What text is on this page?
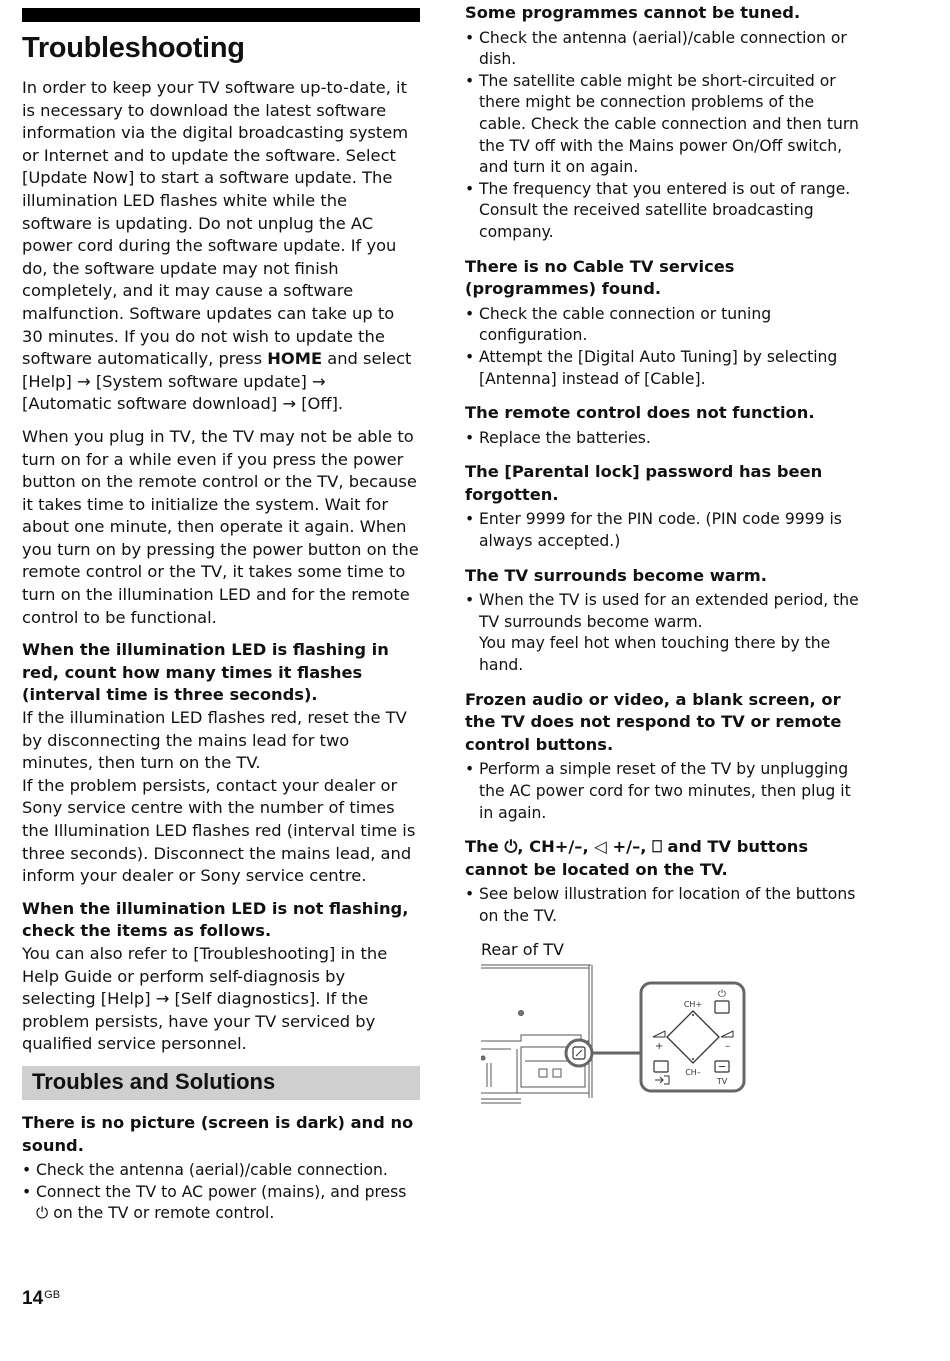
Troubleshooting

In order to keep your TV software up-to-date, it is necessary to download the latest software information via the digital broadcasting system or Internet and to update the software. Select [Update Now] to start a software update. The illumination LED flashes white while the software is updating. Do not unplug the AC power cord during the software update. If you do, the software update may not finish completely, and it may cause a software malfunction. Software updates can take up to 30 minutes. If you do not wish to update the software automatically, press HOME and select [Help] → [System software update] → [Automatic software download] → [Off].

When you plug in TV, the TV may not be able to turn on for a while even if you press the power button on the remote control or the TV, because it takes time to initialize the system. Wait for about one minute, then operate it again. When you turn on by pressing the power button on the remote control or the TV, it takes some time to turn on the illumination LED and for the remote control to be functional.

When the illumination LED is flashing in red, count how many times it flashes (interval time is three seconds).

If the illumination LED flashes red, reset the TV by disconnecting the mains lead for two minutes, then turn on the TV.

If the problem persists, contact your dealer or Sony service centre with the number of times the Illumination LED flashes red (interval time is three seconds). Disconnect the mains lead, and inform your dealer or Sony service centre.

When the illumination LED is not flashing, check the items as follows.

You can also refer to [Troubleshooting] in the Help Guide or perform self-diagnosis by selecting [Help] → [Self diagnostics]. If the problem persists, have your TV serviced by qualified service personnel.

Troubles and Solutions

There is no picture (screen is dark) and no sound.

• Check the antenna (aerial)/cable connection.
• Connect the TV to AC power (mains), and press ⏻ on the TV or remote control.

Some programmes cannot be tuned.

• Check the antenna (aerial)/cable connection or dish.
• The satellite cable might be short-circuited or there might be connection problems of the cable. Check the cable connection and then turn the TV off with the Mains power On/Off switch, and turn it on again.
• The frequency that you entered is out of range. Consult the received satellite broadcasting company.

There is no Cable TV services (programmes) found.

• Check the cable connection or tuning configuration.
• Attempt the [Digital Auto Tuning] by selecting [Antenna] instead of [Cable].

The remote control does not function.

• Replace the batteries.

The [Parental lock] password has been forgotten.

• Enter 9999 for the PIN code. (PIN code 9999 is always accepted.)

The TV surrounds become warm.

• When the TV is used for an extended period, the TV surrounds become warm.
You may feel hot when touching there by the hand.

Frozen audio or video, a blank screen, or the TV does not respond to TV or remote control buttons.

• Perform a simple reset of the TV by unplugging the AC power cord for two minutes, then plug it in again.

The ⏻, CH+/–, ◁ +/–, ⎕ and TV buttons cannot be located on the TV.

• See below illustration for location of the buttons on the TV.
Rear of TV
⏻
CH+
CH–
+	–
TV
$14^{GB}$
